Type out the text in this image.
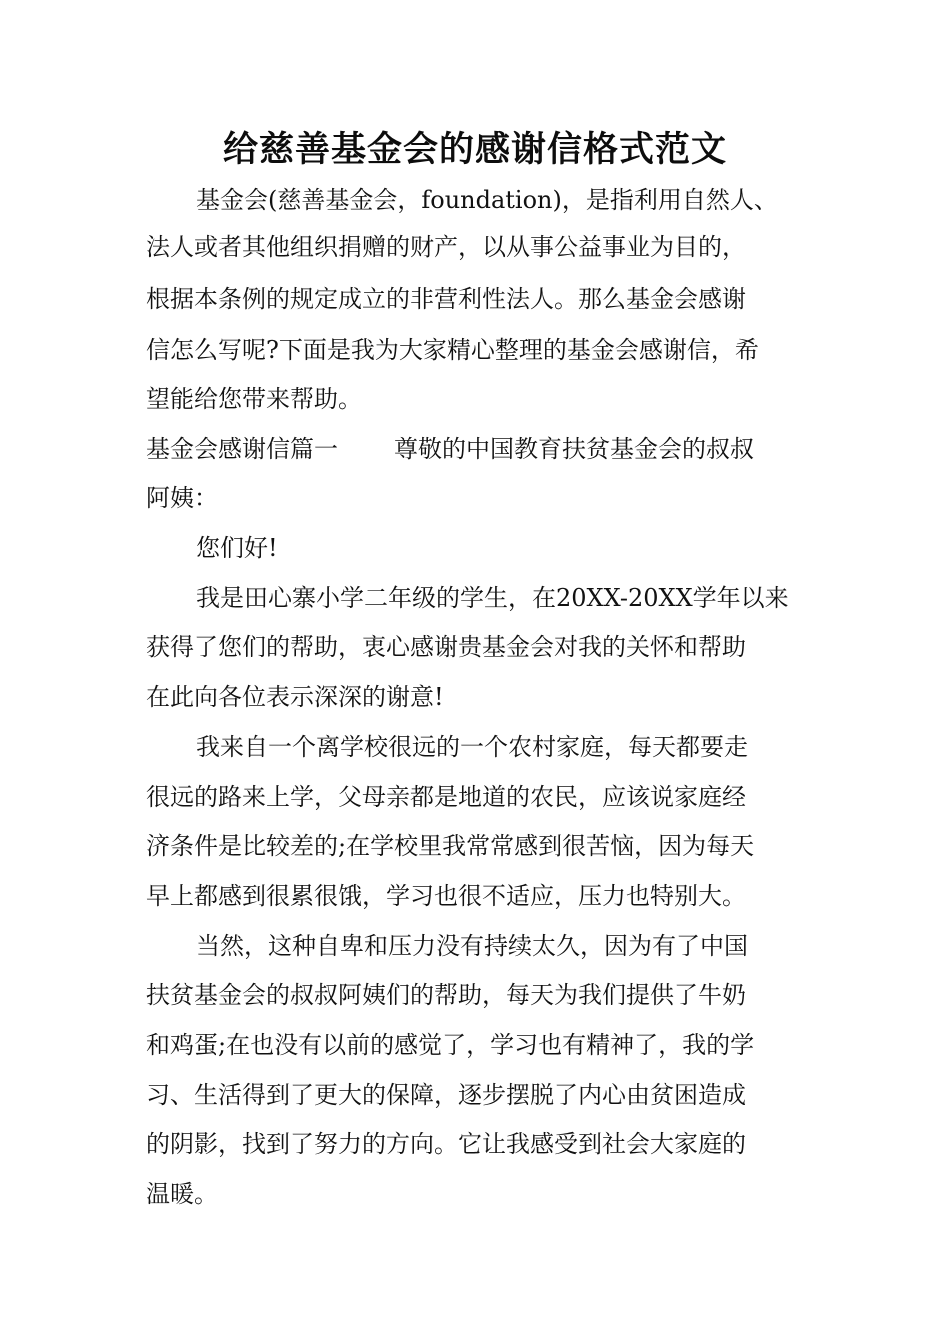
给慈善基金会的感谢信格式范文
基金会(慈善基金会，foundation)，是指利用自然人、
法人或者其他组织捐赠的财产，以从事公益事业为目的，
根据本条例的规定成立的非营利性法人。那么基金会感谢
信怎么写呢?下面是我为大家精心整理的基金会感谢信，希
望能给您带来帮助。
基金会感谢信篇一 尊敬的中国教育扶贫基金会的叔叔
阿姨：
您们好!
我是田心寨小学二年级的学生，在20XX-20XX学年以来
获得了您们的帮助，衷心感谢贵基金会对我的关怀和帮助
在此向各位表示深深的谢意!
我来自一个离学校很远的一个农村家庭，每天都要走
很远的路来上学，父母亲都是地道的农民，应该说家庭经
济条件是比较差的;在学校里我常常感到很苦恼，因为每天
早上都感到很累很饿，学习也很不适应，压力也特别大。
当然，这种自卑和压力没有持续太久，因为有了中国
扶贫基金会的叔叔阿姨们的帮助，每天为我们提供了牛奶
和鸡蛋;在也没有以前的感觉了，学习也有精神了，我的学
习、生活得到了更大的保障，逐步摆脱了内心由贫困造成
的阴影，找到了努力的方向。它让我感受到社会大家庭的
温暖。
